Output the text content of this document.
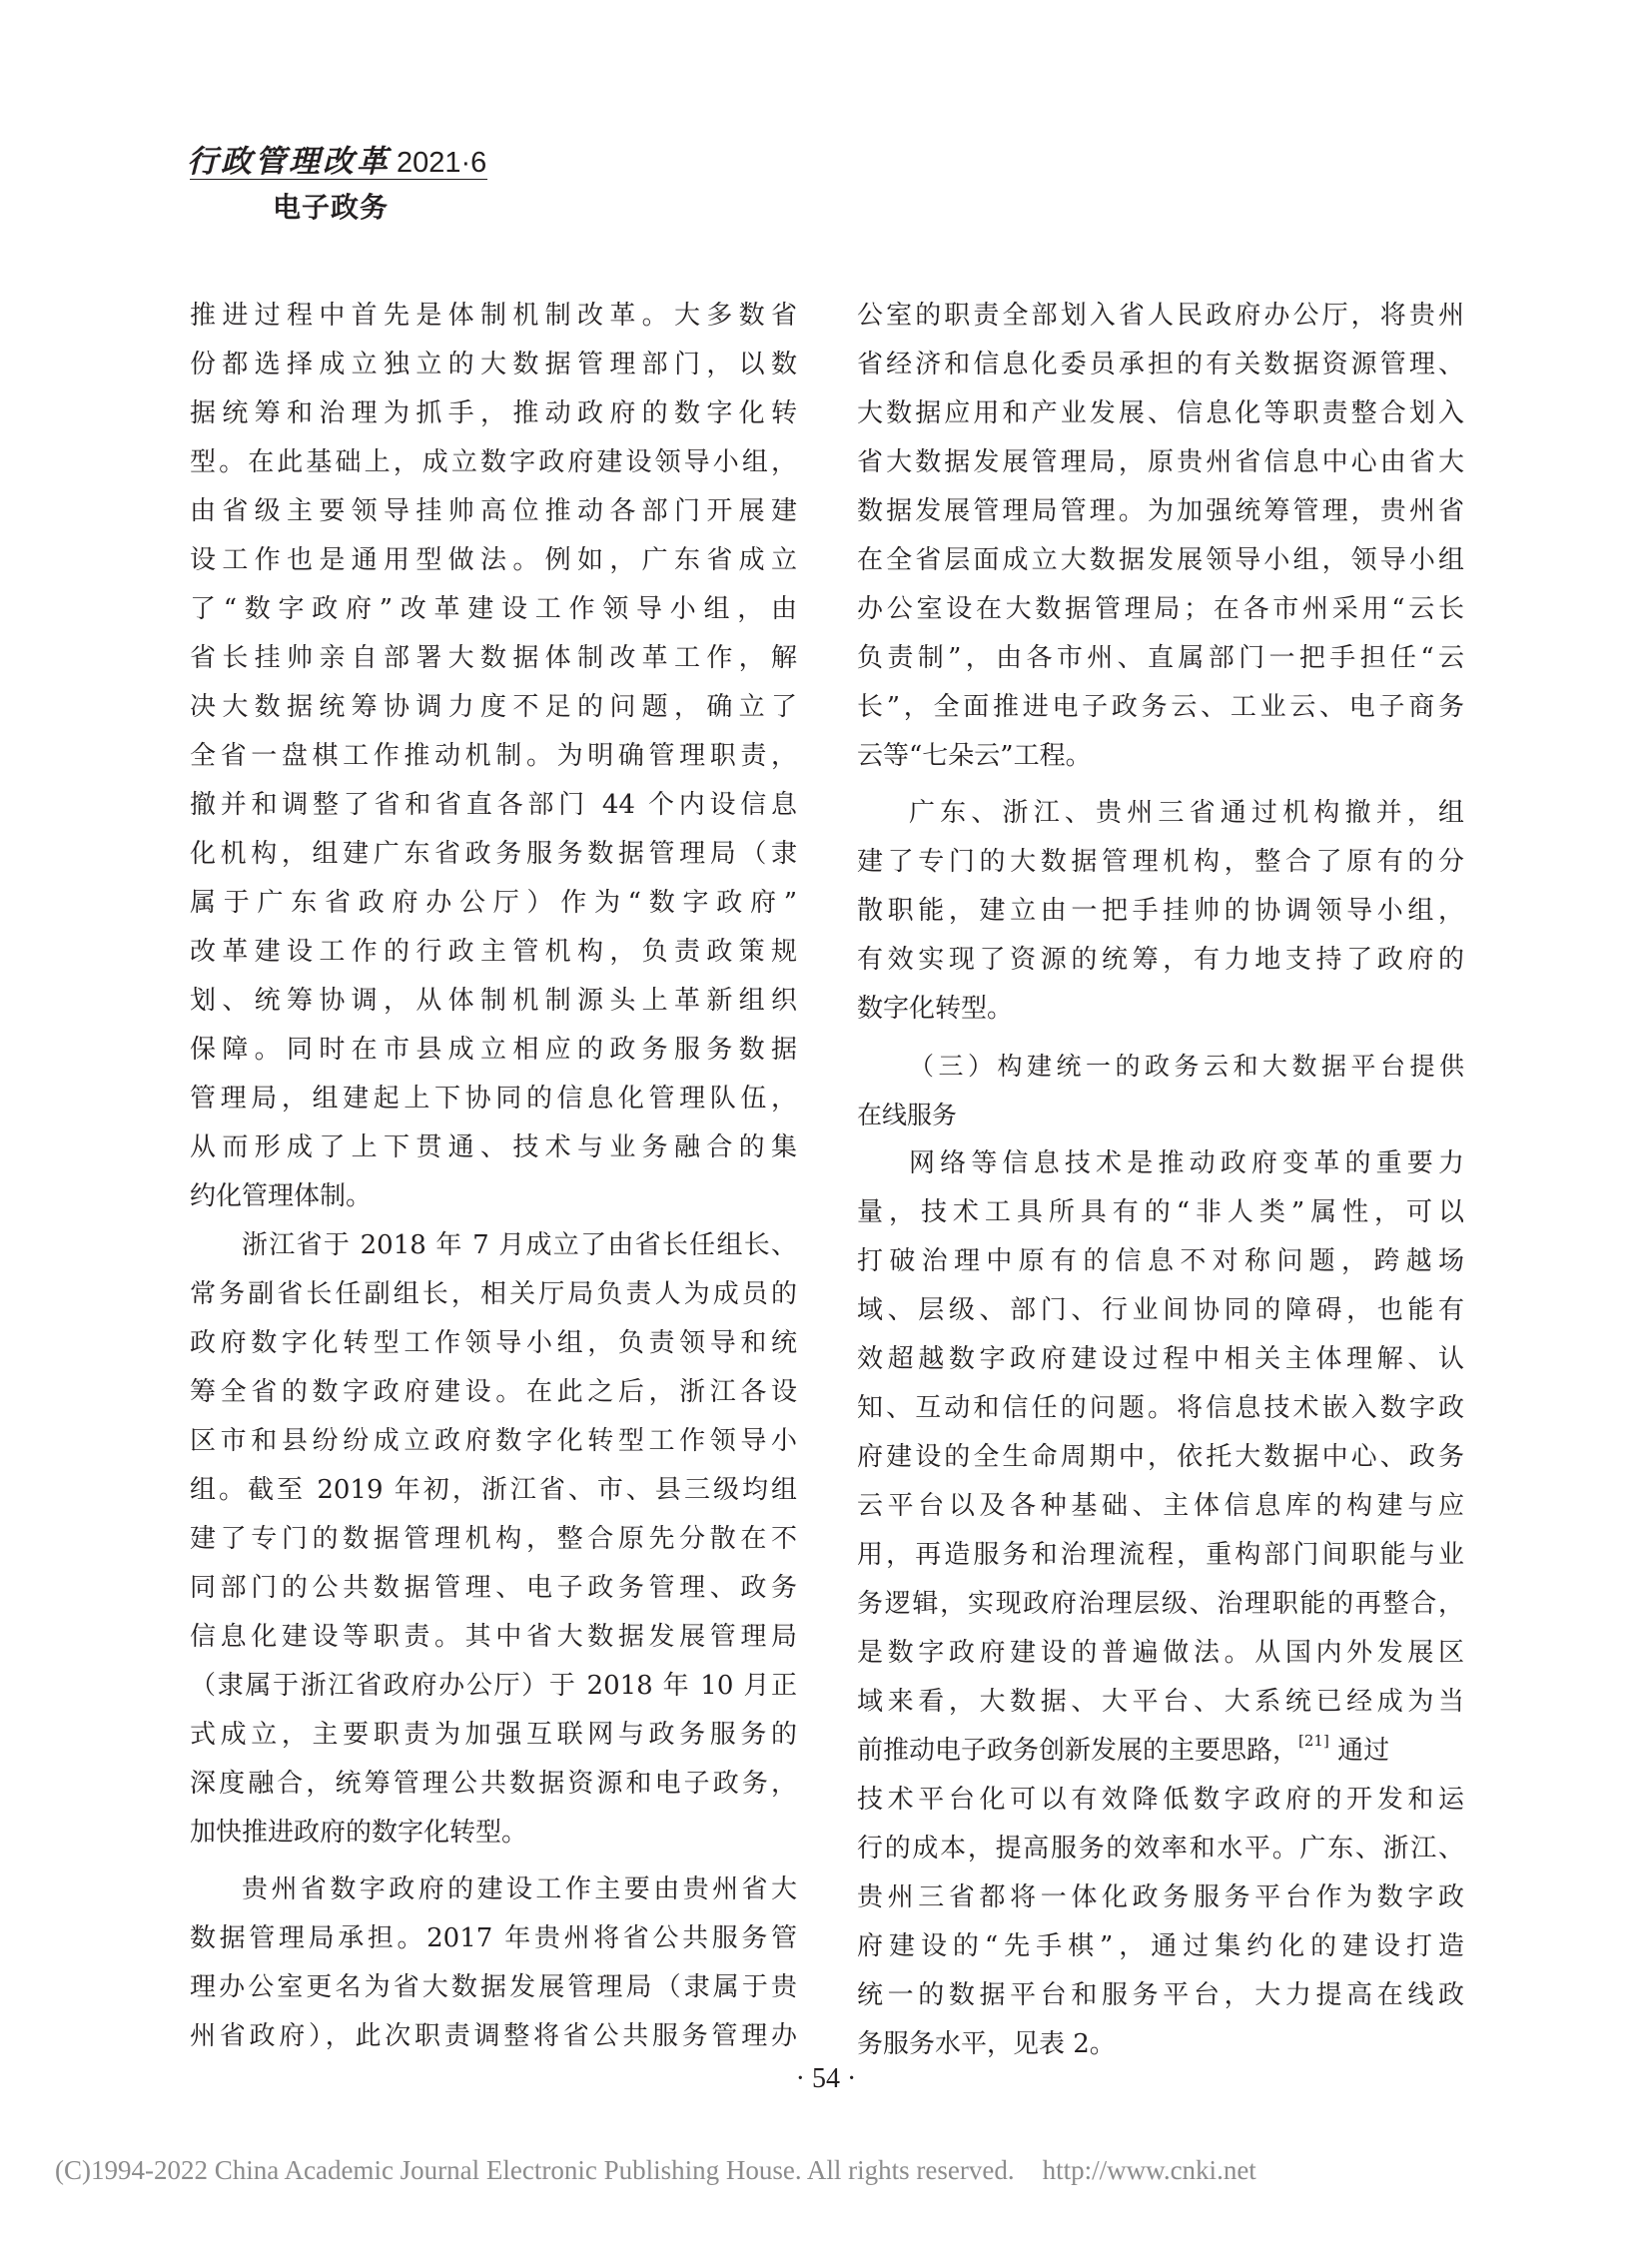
行政管理改革 2021·6
电子政务
推进过程中首先是体制机制改革。大多数省
份都选择成立独立的大数据管理部门，以数
据统筹和治理为抓手，推动政府的数字化转
型。在此基础上，成立数字政府建设领导小组，
由省级主要领导挂帅高位推动各部门开展建
设工作也是通用型做法。例如，广东省成立
了“数字政府”改革建设工作领导小组，由
省长挂帅亲自部署大数据体制改革工作，解
决大数据统筹协调力度不足的问题，确立了
全省一盘棋工作推动机制。为明确管理职责，
撤并和调整了省和省直各部门 44 个内设信息
化机构，组建广东省政务服务数据管理局（隶
属于广东省政府办公厅）作为“数字政府”
改革建设工作的行政主管机构，负责政策规
划、统筹协调，从体制机制源头上革新组织
保障。同时在市县成立相应的政务服务数据
管理局，组建起上下协同的信息化管理队伍，
从而形成了上下贯通、技术与业务融合的集
约化管理体制。
浙江省于 2018 年 7 月成立了由省长任组长、
常务副省长任副组长，相关厅局负责人为成员的
政府数字化转型工作领导小组，负责领导和统
筹全省的数字政府建设。在此之后，浙江各设
区市和县纷纷成立政府数字化转型工作领导小
组。截至 2019 年初，浙江省、市、县三级均组
建了专门的数据管理机构，整合原先分散在不
同部门的公共数据管理、电子政务管理、政务
信息化建设等职责。其中省大数据发展管理局
（隶属于浙江省政府办公厅）于 2018 年 10 月正
式成立，主要职责为加强互联网与政务服务的
深度融合，统筹管理公共数据资源和电子政务，
加快推进政府的数字化转型。
贵州省数字政府的建设工作主要由贵州省大
数据管理局承担。2017 年贵州将省公共服务管
理办公室更名为省大数据发展管理局（隶属于贵
州省政府），此次职责调整将省公共服务管理办
公室的职责全部划入省人民政府办公厅，将贵州
省经济和信息化委员承担的有关数据资源管理、
大数据应用和产业发展、信息化等职责整合划入
省大数据发展管理局，原贵州省信息中心由省大
数据发展管理局管理。为加强统筹管理，贵州省
在全省层面成立大数据发展领导小组，领导小组
办公室设在大数据管理局；在各市州采用“云长
负责制”，由各市州、直属部门一把手担任“云
长”，全面推进电子政务云、工业云、电子商务
云等“七朵云”工程。
广东、浙江、贵州三省通过机构撤并，组
建了专门的大数据管理机构，整合了原有的分
散职能，建立由一把手挂帅的协调领导小组，
有效实现了资源的统筹，有力地支持了政府的
数字化转型。
（三）构建统一的政务云和大数据平台提供
在线服务
网络等信息技术是推动政府变革的重要力
量，技术工具所具有的“非人类”属性，可以
打破治理中原有的信息不对称问题，跨越场
域、层级、部门、行业间协同的障碍，也能有
效超越数字政府建设过程中相关主体理解、认
知、互动和信任的问题。将信息技术嵌入数字政
府建设的全生命周期中，依托大数据中心、政务
云平台以及各种基础、主体信息库的构建与应
用，再造服务和治理流程，重构部门间职能与业
务逻辑，实现政府治理层级、治理职能的再整合，
是数字政府建设的普遍做法。从国内外发展区
域来看，大数据、大平台、大系统已经成为当
前推动电子政务创新发展的主要思路，[21] 通过
技术平台化可以有效降低数字政府的开发和运
行的成本，提高服务的效率和水平。广东、浙江、
贵州三省都将一体化政务服务平台作为数字政
府建设的“先手棋”，通过集约化的建设打造
统一的数据平台和服务平台，大力提高在线政
务服务水平，见表 2。
· 54 ·
(C)1994-2022 China Academic Journal Electronic Publishing House. All rights reserved. http://www.cnki.net
